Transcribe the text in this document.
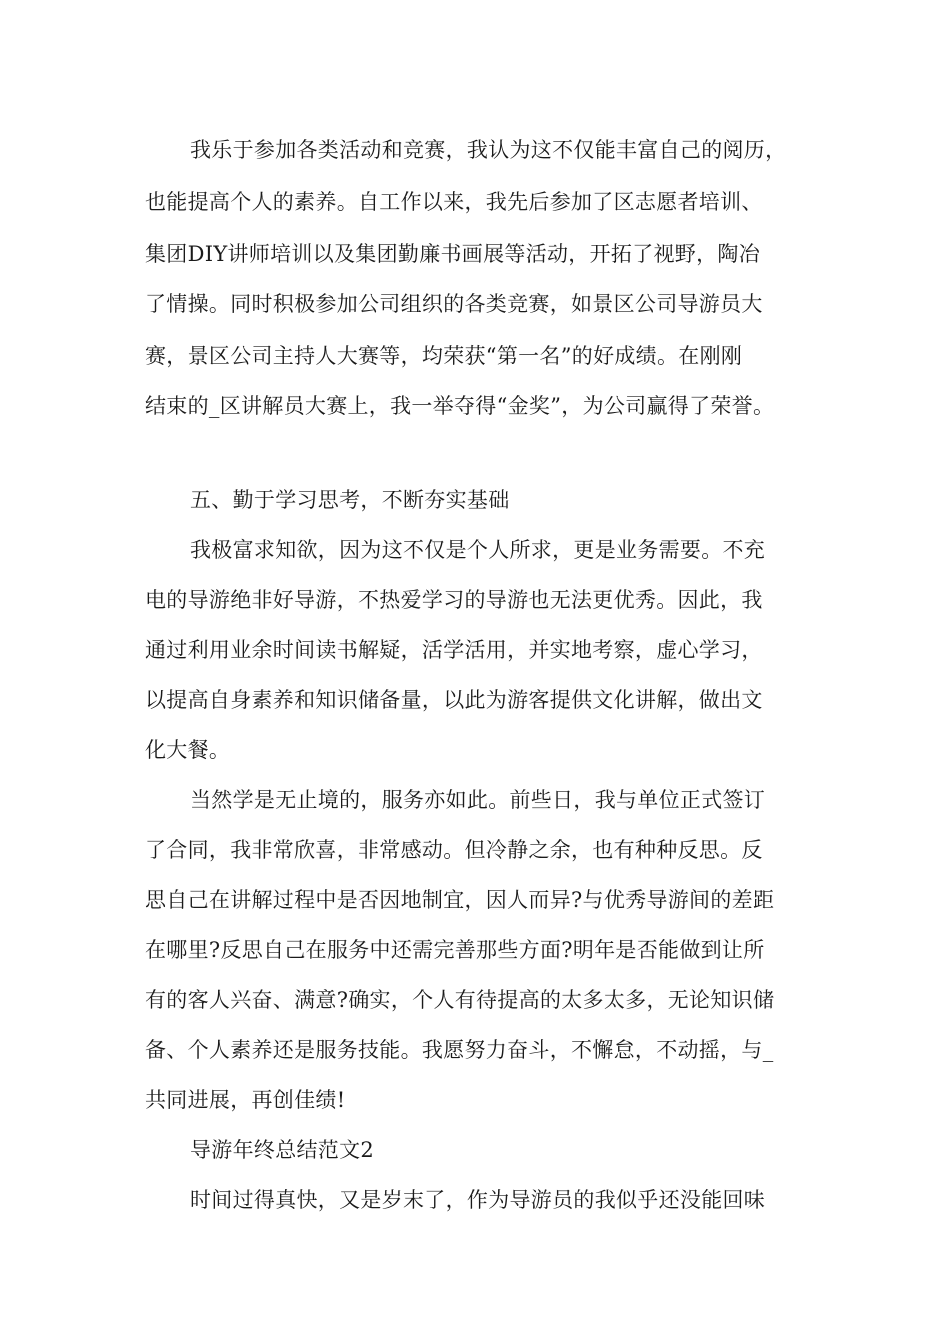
我乐于参加各类活动和竞赛，我认为这不仅能丰富自己的阅历，
也能提高个人的素养。自工作以来，我先后参加了区志愿者培训、
集团DIY讲师培训以及集团勤廉书画展等活动，开拓了视野，陶冶
了情操。同时积极参加公司组织的各类竞赛，如景区公司导游员大
赛，景区公司主持人大赛等，均荣获“第一名”的好成绩。在刚刚
结束的_区讲解员大赛上，我一举夺得“金奖”，为公司赢得了荣誉。
五、勤于学习思考，不断夯实基础
我极富求知欲，因为这不仅是个人所求，更是业务需要。不充
电的导游绝非好导游，不热爱学习的导游也无法更优秀。因此，我
通过利用业余时间读书解疑，活学活用，并实地考察，虚心学习，
以提高自身素养和知识储备量，以此为游客提供文化讲解，做出文
化大餐。
当然学是无止境的，服务亦如此。前些日，我与单位正式签订
了合同，我非常欣喜，非常感动。但冷静之余，也有种种反思。反
思自己在讲解过程中是否因地制宜，因人而异?与优秀导游间的差距
在哪里?反思自己在服务中还需完善那些方面?明年是否能做到让所
有的客人兴奋、满意?确实，个人有待提高的太多太多，无论知识储
备、个人素养还是服务技能。我愿努力奋斗，不懈怠，不动摇，与_
共同进展，再创佳绩!
导游年终总结范文2
时间过得真快，又是岁末了，作为导游员的我似乎还没能回味
